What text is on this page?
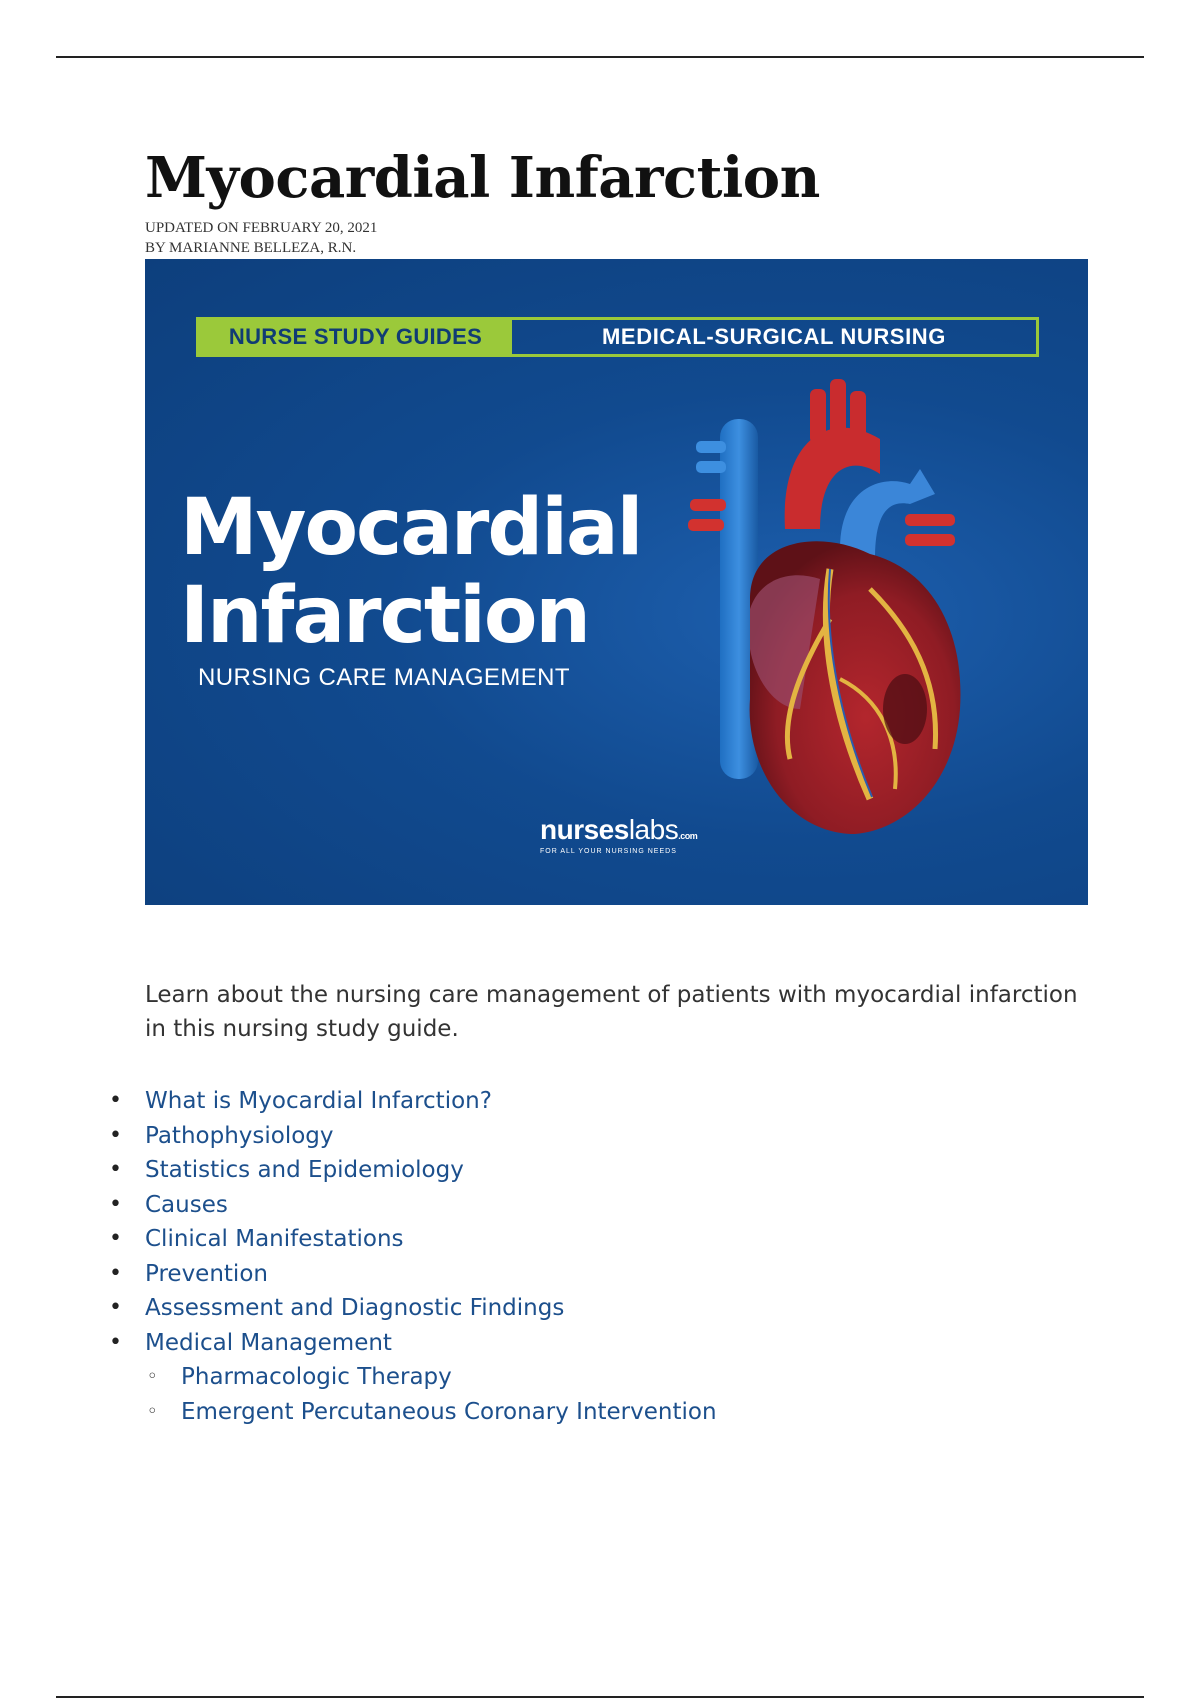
Myocardial Infarction
UPDATED ON FEBRUARY 20, 2021
BY MARIANNE BELLEZA, R.N.
NURSE STUDY GUIDES	MEDICAL-SURGICAL NURSING
Myocardial
Infarction
NURSING CARE MANAGEMENT
nurseslabs.com
FOR ALL YOUR NURSING NEEDS

Learn about the nursing care management of patients with myocardial infarction in this nursing study guide.

• What is Myocardial Infarction?
• Pathophysiology
• Statistics and Epidemiology
• Causes
• Clinical Manifestations
• Prevention
• Assessment and Diagnostic Findings
• Medical Management
◦ Pharmacologic Therapy
◦ Emergent Percutaneous Coronary Intervention
